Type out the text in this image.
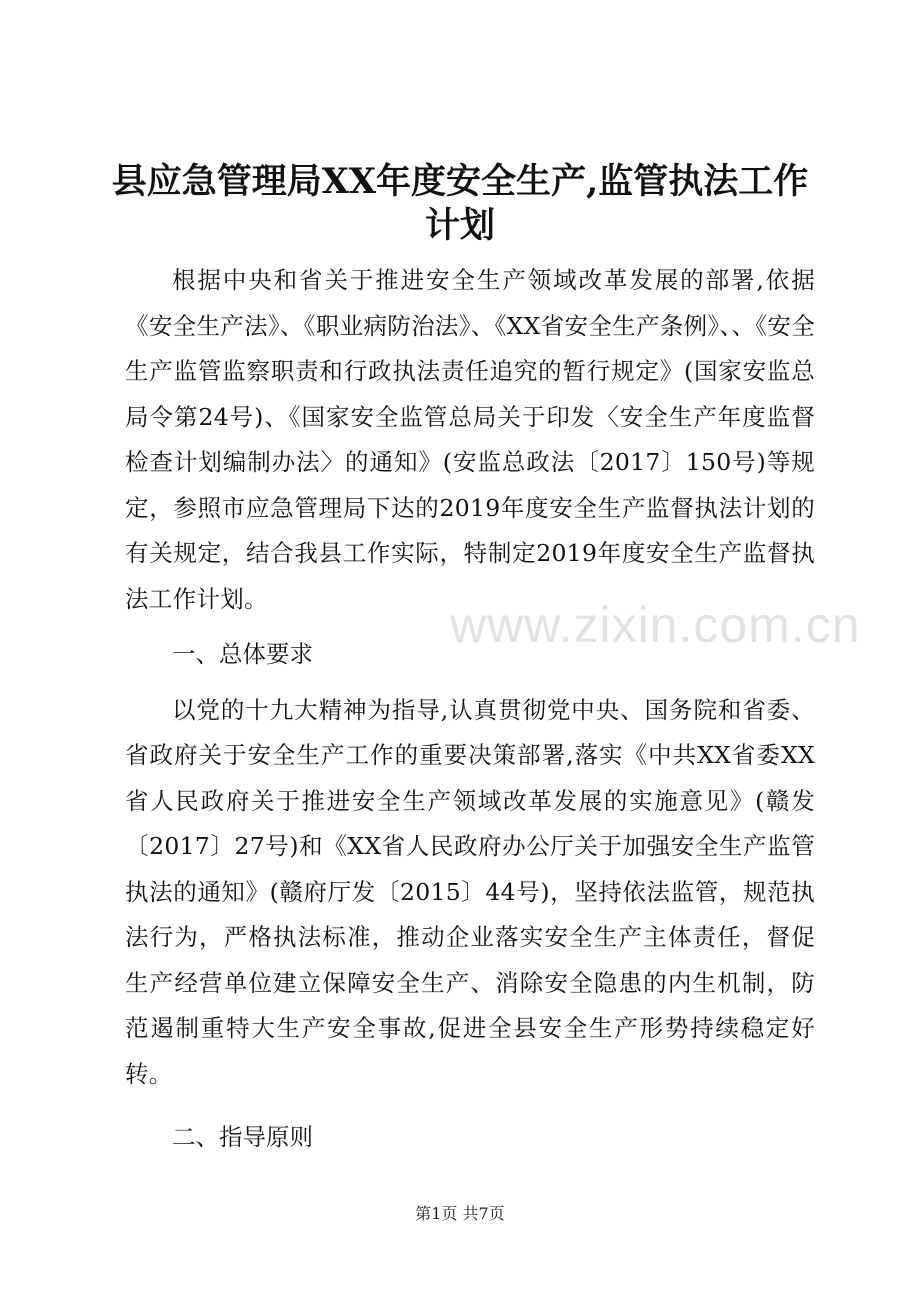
县应急管理局XX年度安全生产,监管执法工作计划

根据中央和省关于推进安全生产领域改革发展的部署,依据《安全生产法》、《职业病防治法》、《XX省安全生产条例》、、《安全生产监管监察职责和行政执法责任追究的暂行规定》(国家安监总局令第24号)、《国家安全监管总局关于印发〈安全生产年度监督检查计划编制办法〉的通知》(安监总政法〔2017〕150号)等规定，参照市应急管理局下达的2019年度安全生产监督执法计划的有关规定，结合我县工作实际，特制定2019年度安全生产监督执法工作计划。

一、总体要求

以党的十九大精神为指导,认真贯彻党中央、国务院和省委、省政府关于安全生产工作的重要决策部署,落实《中共XX省委XX省人民政府关于推进安全生产领域改革发展的实施意见》(赣发〔2017〕27号)和《XX省人民政府办公厅关于加强安全生产监管执法的通知》(赣府厅发〔2015〕44号)，坚持依法监管，规范执法行为，严格执法标准，推动企业落实安全生产主体责任，督促生产经营单位建立保障安全生产、消除安全隐患的内生机制，防范遏制重特大生产安全事故,促进全县安全生产形势持续稳定好转。

二、指导原则

www.zixin.com.cn
第1页 共7页
